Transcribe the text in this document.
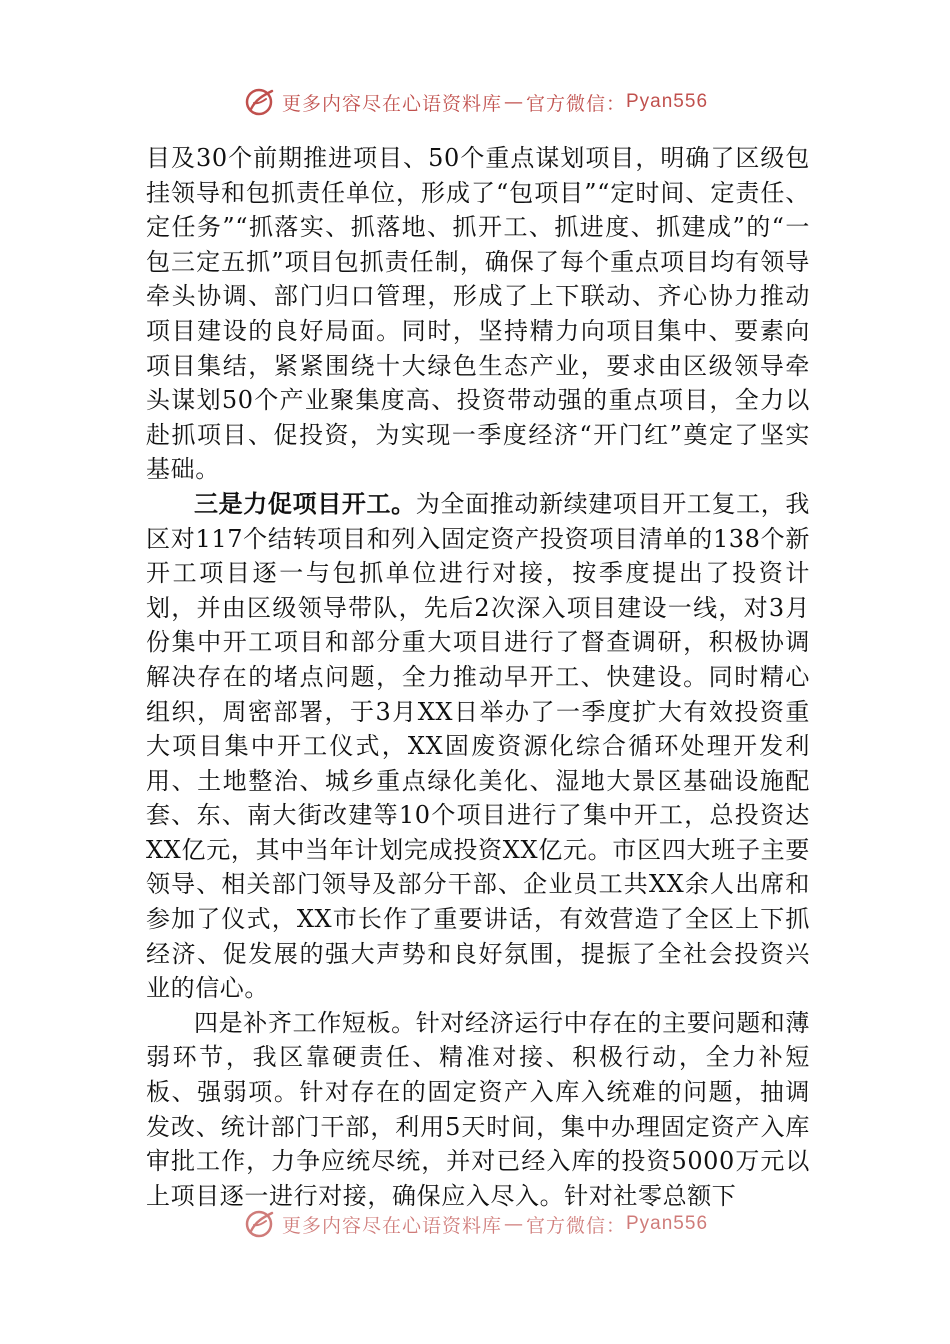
更多内容尽在心语资料库 — 官方微信： Pyan556

目及30个前期推进项目、50个重点谋划项目，明确了区级包挂领导和包抓责任单位，形成了“包项目”“定时间、定责任、定任务”“抓落实、抓落地、抓开工、抓进度、抓建成”的“一包三定五抓”项目包抓责任制，确保了每个重点项目均有领导牵头协调、部门归口管理，形成了上下联动、齐心协力推动项目建设的良好局面。同时，坚持精力向项目集中、要素向项目集结，紧紧围绕十大绿色生态产业，要求由区级领导牵头谋划50个产业聚集度高、投资带动强的重点项目，全力以赴抓项目、促投资，为实现一季度经济“开门红”奠定了坚实基础。

三是力促项目开工。为全面推动新续建项目开工复工，我区对117个结转项目和列入固定资产投资项目清单的138个新开工项目逐一与包抓单位进行对接，按季度提出了投资计划，并由区级领导带队，先后2次深入项目建设一线，对3月份集中开工项目和部分重大项目进行了督查调研，积极协调解决存在的堵点问题，全力推动早开工、快建设。同时精心组织，周密部署，于3月XX日举办了一季度扩大有效投资重大项目集中开工仪式，XX固废资源化综合循环处理开发利用、土地整治、城乡重点绿化美化、湿地大景区基础设施配套、东、南大街改建等10个项目进行了集中开工，总投资达XX亿元，其中当年计划完成投资XX亿元。市区四大班子主要领导、相关部门领导及部分干部、企业员工共XX余人出席和参加了仪式，XX市长作了重要讲话，有效营造了全区上下抓经济、促发展的强大声势和良好氛围，提振了全社会投资兴业的信心。

四是补齐工作短板。针对经济运行中存在的主要问题和薄弱环节，我区靠硬责任、精准对接、积极行动，全力补短板、强弱项。针对存在的固定资产入库入统难的问题，抽调发改、统计部门干部，利用5天时间，集中办理固定资产入库审批工作，力争应统尽统，并对已经入库的投资5000万元以上项目逐一进行对接，确保应入尽入。针对社零总额下

更多内容尽在心语资料库 — 官方微信： Pyan556
